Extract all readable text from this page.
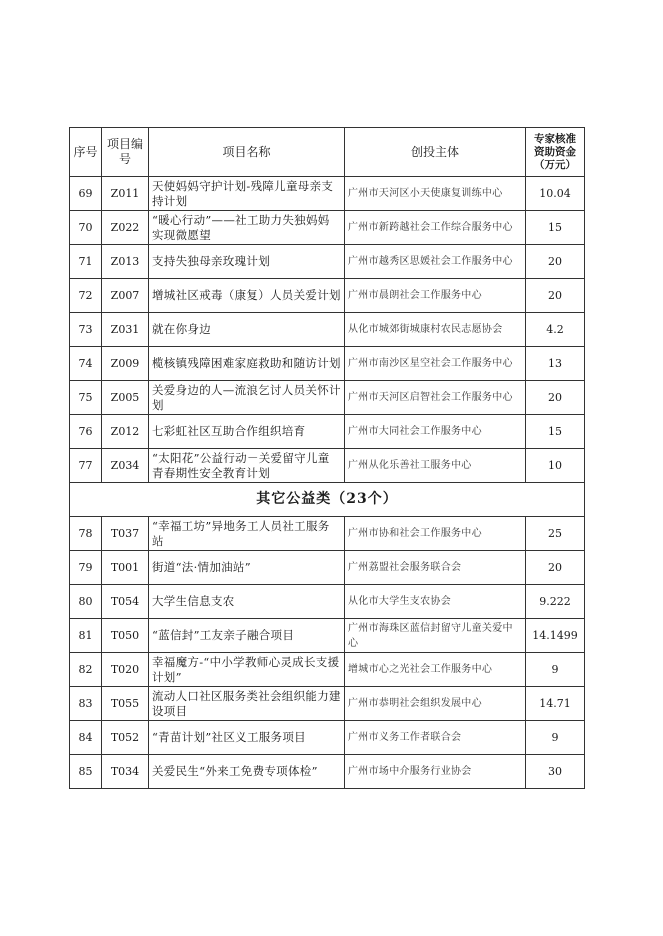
序号	项目编号	项目名称	创投主体	专家核准资助资金（万元）
69	Z011	天使妈妈守护计划-残障儿童母亲支持计划	广州市天河区小天使康复训练中心	10.04
70	Z022	“暖心行动”——社工助力失独妈妈实现微愿望	广州市新跨越社会工作综合服务中心	15
71	Z013	支持失独母亲玫瑰计划	广州市越秀区思媛社会工作服务中心	20
72	Z007	增城社区戒毒（康复）人员关爱计划	广州市晨朗社会工作服务中心	20
73	Z031	就在你身边	从化市城郊街城康村农民志愿协会	4.2
74	Z009	榄核镇残障困难家庭救助和随访计划	广州市南沙区星空社会工作服务中心	13
75	Z005	关爱身边的人—流浪乞讨人员关怀计划	广州市天河区启智社会工作服务中心	20
76	Z012	七彩虹社区互助合作组织培育	广州市大同社会工作服务中心	15
77	Z034	“太阳花”公益行动－关爱留守儿童青春期性安全教育计划	广州从化乐善社工服务中心	10
其它公益类（23个）				
78	T037	“幸福工坊”异地务工人员社工服务站	广州市协和社会工作服务中心	25
79	T001	街道“法·情加油站”	广州荔盟社会服务联合会	20
80	T054	大学生信息支农	从化市大学生支农协会	9.222
81	T050	“蓝信封”工友亲子融合项目	广州市海珠区蓝信封留守儿童关爱中心	14.1499
82	T020	幸福魔方-“中小学教师心灵成长支援计划”	增城市心之光社会工作服务中心	9
83	T055	流动人口社区服务类社会组织能力建设项目	广州市恭明社会组织发展中心	14.71
84	T052	“青苗计划”社区义工服务项目	广州市义务工作者联合会	9
85	T034	关爱民生“外来工免费专项体检”	广州市场中介服务行业协会	30
